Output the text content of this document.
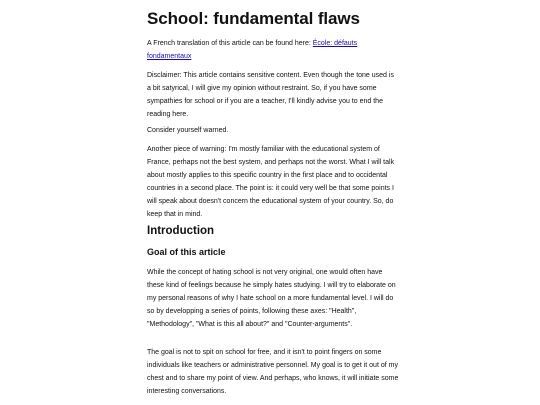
School: fundamental flaws

A French translation of this article can be found here: École: défauts fondamentaux

Disclaimer: This article contains sensitive content. Even though the tone used is a bit satyrical, I will give my opinion without restraint. So, if you have some sympathies for school or if you are a teacher, I'll kindly advise you to end the reading here.

Consider yourself warned.

Another piece of warning: I'm mostly familiar with the educational system of France, perhaps not the best system, and perhaps not the worst. What I will talk about mostly applies to this specific country in the first place and to occidental countries in a second place. The point is: it could very well be that some points I will speak about doesn't concern the educational system of your country. So, do keep that in mind.

Introduction
Goal of this article

While the concept of hating school is not very original, one would often have these kind of feelings because he simply hates studying. I will try to elaborate on my personal reasons of why I hate school on a more fundamental level. I will do so by developping a series of points, following these axes: "Health", "Methodology", "What is this all about?" and "Counter-arguments".

The goal is not to spit on school for free, and it isn't to point fingers on some individuals like teachers or administrative personnel. My goal is to get it out of my chest and to share my point of view. And perhaps, who knows, it will initiate some interesting conversations.
